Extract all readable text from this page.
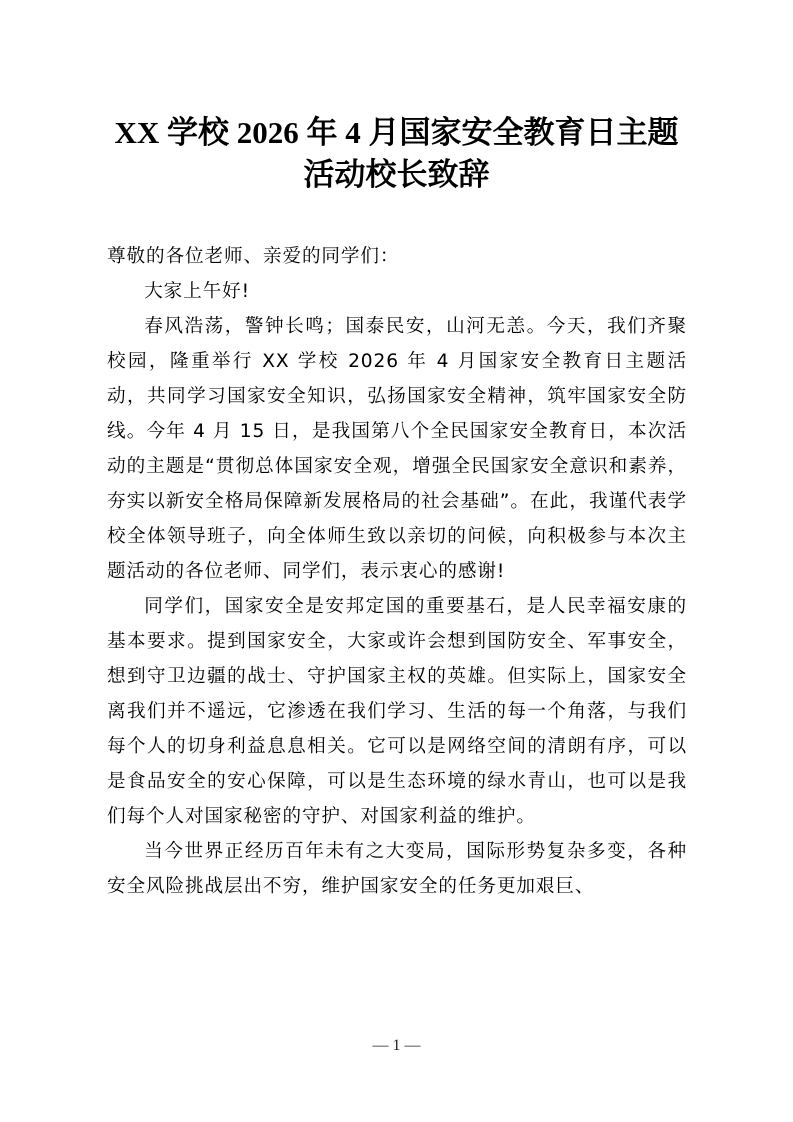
XX 学校 2026 年 4 月国家安全教育日主题
活动校长致辞

尊敬的各位老师、亲爱的同学们：

大家上午好!

春风浩荡，警钟长鸣；国泰民安，山河无恙。今天，我们齐聚校园，隆重举行 XX 学校 2026 年 4 月国家安全教育日主题活动，共同学习国家安全知识，弘扬国家安全精神，筑牢国家安全防线。今年 4 月 15 日，是我国第八个全民国家安全教育日，本次活动的主题是“贯彻总体国家安全观，增强全民国家安全意识和素养，夯实以新安全格局保障新发展格局的社会基础”。在此，我谨代表学校全体领导班子，向全体师生致以亲切的问候，向积极参与本次主题活动的各位老师、同学们，表示衷心的感谢!

同学们，国家安全是安邦定国的重要基石，是人民幸福安康的基本要求。提到国家安全，大家或许会想到国防安全、军事安全，想到守卫边疆的战士、守护国家主权的英雄。但实际上，国家安全离我们并不遥远，它渗透在我们学习、生活的每一个角落，与我们每个人的切身利益息息相关。它可以是网络空间的清朗有序，可以是食品安全的安心保障，可以是生态环境的绿水青山，也可以是我们每个人对国家秘密的守护、对国家利益的维护。

当今世界正经历百年未有之大变局，国际形势复杂多变，各种安全风险挑战层出不穷，维护国家安全的任务更加艰巨、

— 1 —
